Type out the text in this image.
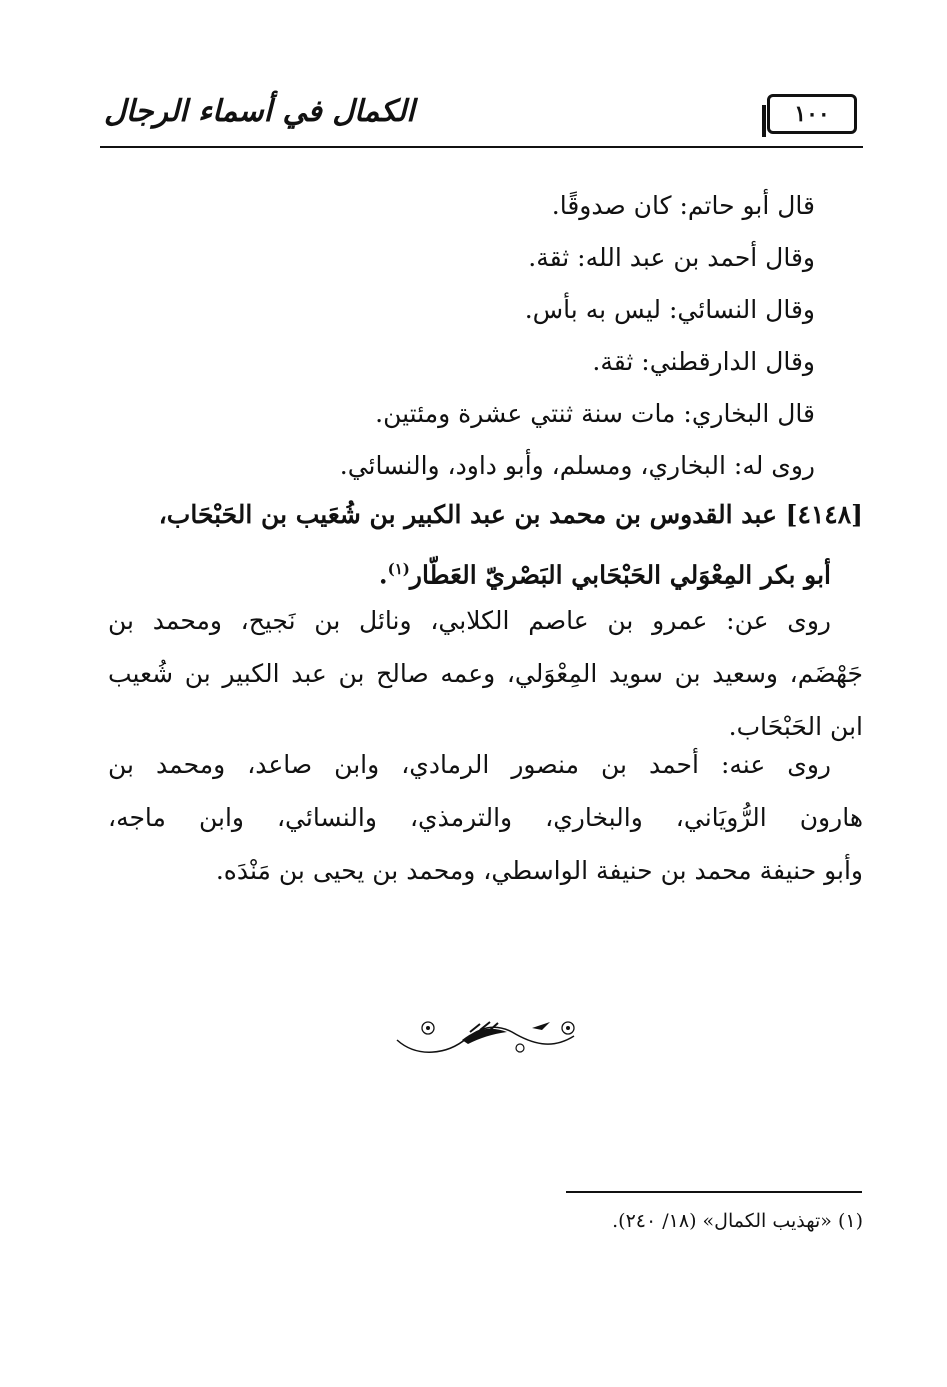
الكمال في أسماء الرجال	١٠٠
قال أبو حاتم: كان صدوقًا.
وقال أحمد بن عبد الله: ثقة.
وقال النسائي: ليس به بأس.
وقال الدارقطني: ثقة.
قال البخاري: مات سنة ثنتي عشرة ومئتين.
روى له: البخاري، ومسلم، وأبو داود، والنسائي.
[٤١٤٨] عبد القدوس بن محمد بن عبد الكبير بن شُعَيب بن الحَبْحَاب،
أبو بكر المِعْوَلي الحَبْحَابي البَصْريّ العَطّار$^{(١)}$.
روى عن: عمرو بن عاصم الكلابي، ونائل بن نَجيح، ومحمد بن
جَهْضَم، وسعيد بن سويد المِعْوَلي، وعمه صالح بن عبد الكبير بن شُعيب
ابن الحَبْحَاب.
روى عنه: أحمد بن منصور الرمادي، وابن صاعد، ومحمد بن
هارون الرُّويَاني، والبخاري، والترمذي، والنسائي، وابن ماجه،
وأبو حنيفة محمد بن حنيفة الواسطي، ومحمد بن يحيى بن مَنْدَه.
(١) «تهذيب الكمال» (١٨/ ٢٤٠).
